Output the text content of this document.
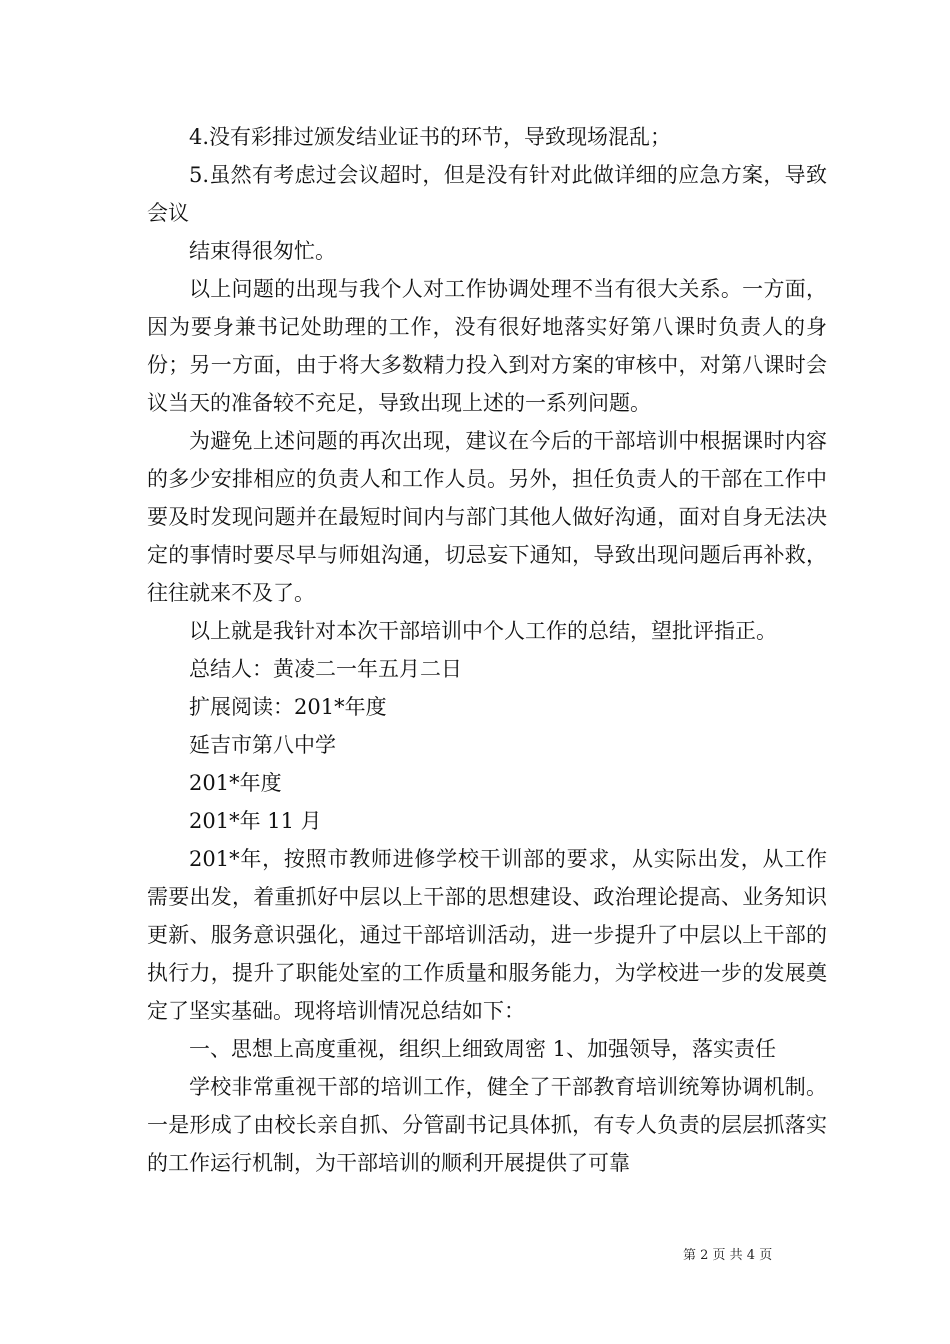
4.没有彩排过颁发结业证书的环节，导致现场混乱；

5.虽然有考虑过会议超时，但是没有针对此做详细的应急方案，导致会议

结束得很匆忙。

以上问题的出现与我个人对工作协调处理不当有很大关系。一方面，因为要身兼书记处助理的工作，没有很好地落实好第八课时负责人的身份；另一方面，由于将大多数精力投入到对方案的审核中，对第八课时会议当天的准备较不充足，导致出现上述的一系列问题。

为避免上述问题的再次出现，建议在今后的干部培训中根据课时内容的多少安排相应的负责人和工作人员。另外，担任负责人的干部在工作中要及时发现问题并在最短时间内与部门其他人做好沟通，面对自身无法决定的事情时要尽早与师姐沟通，切忌妄下通知，导致出现问题后再补救，往往就来不及了。

以上就是我针对本次干部培训中个人工作的总结，望批评指正。

总结人：黄凌二一年五月二日

扩展阅读：201*年度

延吉市第八中学

201*年度

201*年 11 月

201*年，按照市教师进修学校干训部的要求，从实际出发，从工作需要出发，着重抓好中层以上干部的思想建设、政治理论提高、业务知识更新、服务意识强化，通过干部培训活动，进一步提升了中层以上干部的执行力，提升了职能处室的工作质量和服务能力，为学校进一步的发展奠定了坚实基础。现将培训情况总结如下：

一、思想上高度重视，组织上细致周密 1、加强领导，落实责任

学校非常重视干部的培训工作，健全了干部教育培训统筹协调机制。一是形成了由校长亲自抓、分管副书记具体抓，有专人负责的层层抓落实的工作运行机制，为干部培训的顺利开展提供了可靠

第 2 页 共 4 页
